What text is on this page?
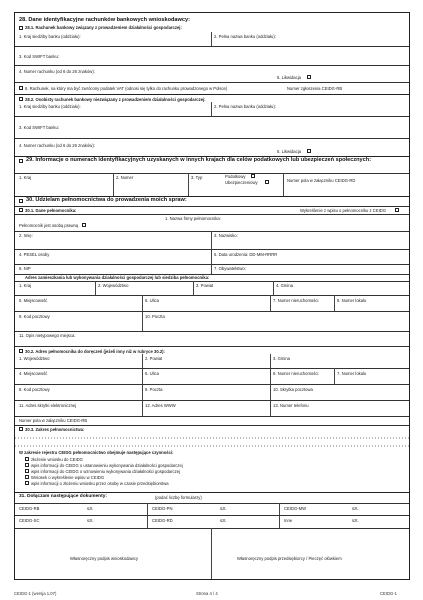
28. Dane identyfikacyjne rachunków bankowych wnioskodawcy:
28.1. Rachunek bankowy związany z prowadzeniem działalności gospodarczej:
1. Kraj siedziby banku (oddziału):	2. Pełna nazwa banku (oddziału):
3. Kod SWIFT banku:
4. Numer rachunku (od 6 do 26 znaków):
5. Likwidacja
6. Rachunek, na który ma być zwrócony podatek VAT (odnosi się tylko do rachunku prowadzonego w Polsce)	Numer zgłoszenia CEIDG-RB
28.2. Osobisty rachunek bankowy niezwiązany z prowadzeniem działalności gospodarczej:
1. Kraj siedziby banku (oddziału):	2. Pełna nazwa banku (oddziału):
3. Kod SWIFT banku:
4. Numer rachunku (od 6 do 26 znaków):
5. Likwidacja
29. Informacje o numerach identyfikacyjnych uzyskanych w innych krajach dla celów podatkowych lub ubezpieczeń społecznych:
1. Kraj	2. Numer	3. Typ	Podatkowy
Ubezpieczeniowy	Numer pola w załączniku CEIDG-RD
30. Udzielam pełnomocnictwa do prowadzenia moich spraw:
30.1. Dane pełnomocnika:	Wykreślenie z wpisu o pełnomocniku z CEIDG
1. Nazwa firmy pełnomocnika:
Pełnomocnik jest osobą prawną
2. Imię:	3. Nazwisko:
4. PESEL osoby	5. Data urodzenia: DD-MM-RRRR
6. NIP	7. Obywatelstwo:
Adres zamieszkania lub wykonywania działalności gospodarczej lub siedziba pełnomocnika:
1. Kraj	2. Województwo	3. Powiat	4. Gmina
5. Miejscowość	6. Ulica	7. Numer nieruchomości	8. Numer lokalu
9. Kod pocztowy	10. Poczta
11. Opis nietypowego miejsca:
30.2. Adres pełnomocnika do doręczeń (jeżeli inny niż w rubryce 30.2):
1. Województwo	2. Powiat	3. Gmina
4. Miejscowość	5. Ulica	6. Numer nieruchomości	7. Numer lokalu
8. Kod pocztowy	9. Poczta	10. Skrytka pocztowa
11. Adres skrytki elektronicznej	12. Adres WWW	13. Numer telefonu
Numer pola w załączniku CEIDG-RB
30.3. Zakres pełnomocnictwa:
W zakresie rejestru CEIDG pełnomocnictwo obejmuje następujące czynności:
złożenie wniosku do CEIDG
wpis informacji do CEIDG o ustanowieniu wykonywania działalności gospodarczej
wpis informacji do CEIDG o wznowieniu wykonywania działalności gospodarczej
Wniosek o wykreślenie wpisu w CEIDG
wpis informacji o złożeniu wniosku przez osobę w czasie przedsiębiorstwa
31. Dołączam następujące dokumenty:	(podać liczbę formularzy)
CEIDG-RB	szt.	CEIDG-PN	szt.	CEIDG-MW	szt.
CEIDG-SC	szt.	CEIDG-RD	szt.	Inne	szt.
Własnoręczny podpis wnioskodawcy	Własnoręczny podpis przedsiębiorcy / Pieczęć ołówkiem
CEIDG-1 (wersja 1.07)	Strona 4 / 4	CEIDG-1
